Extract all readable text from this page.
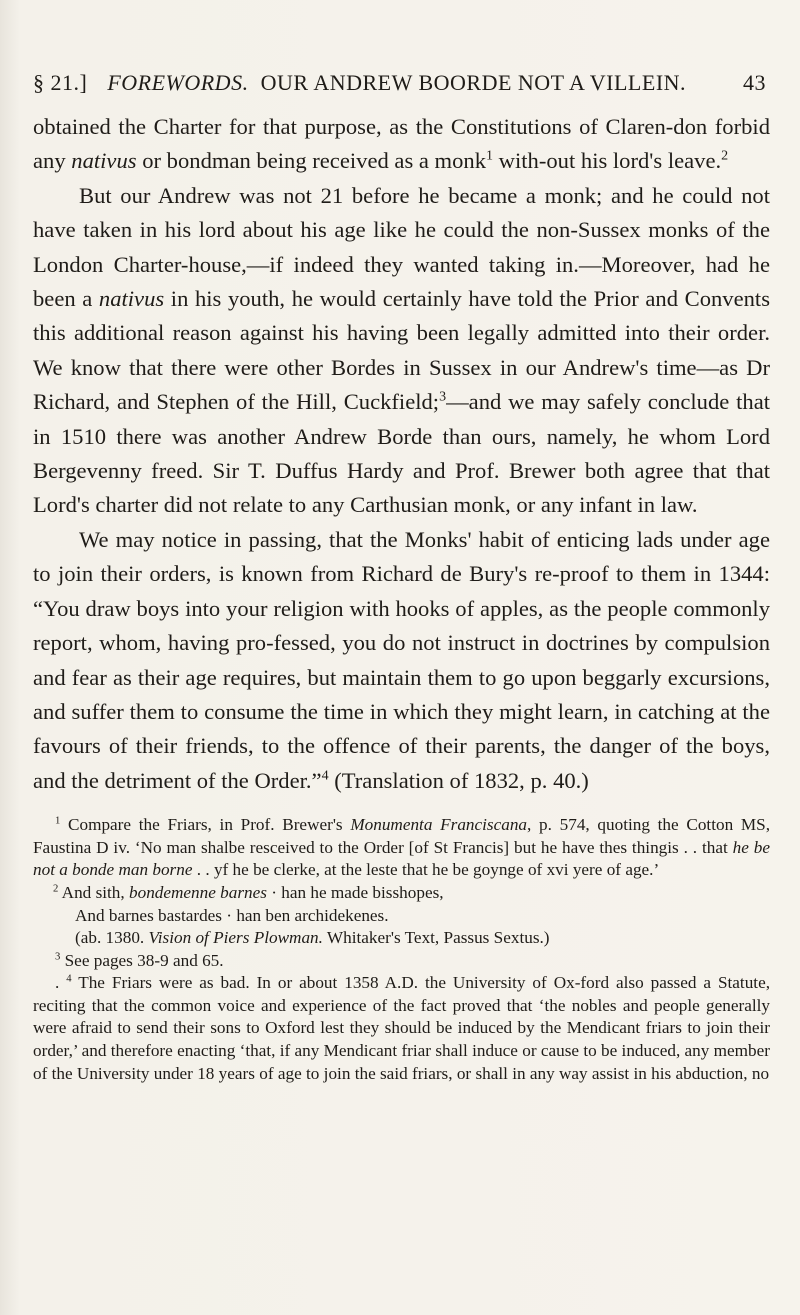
§ 21.] FOREWORDS. OUR ANDREW BOORDE NOT A VILLEIN.	43

obtained the Charter for that purpose, as the Constitutions of Claren-don forbid any nativus or bondman being received as a monk$^1$ with-out his lord's leave.$^2$

But our Andrew was not 21 before he became a monk; and he could not have taken in his lord about his age like he could the non-Sussex monks of the London Charter-house,—if indeed they wanted taking in.—Moreover, had he been a nativus in his youth, he would certainly have told the Prior and Convents this additional reason against his having been legally admitted into their order. We know that there were other Bordes in Sussex in our Andrew's time—as Dr Richard, and Stephen of the Hill, Cuckfield;$^3$—and we may safely conclude that in 1510 there was another Andrew Borde than ours, namely, he whom Lord Bergevenny freed. Sir T. Duffus Hardy and Prof. Brewer both agree that that Lord's charter did not relate to any Carthusian monk, or any infant in law.

We may notice in passing, that the Monks' habit of enticing lads under age to join their orders, is known from Richard de Bury's re-proof to them in 1344: “You draw boys into your religion with hooks of apples, as the people commonly report, whom, having pro-fessed, you do not instruct in doctrines by compulsion and fear as their age requires, but maintain them to go upon beggarly excursions, and suffer them to consume the time in which they might learn, in catching at the favours of their friends, to the offence of their parents, the danger of the boys, and the detriment of the Order.”$^4$ (Translation of 1832, p. 40.)

$^1$ Compare the Friars, in Prof. Brewer's Monumenta Franciscana, p. 574, quoting the Cotton MS, Faustina D iv. ‘No man shalbe resceived to the Order [of St Francis] but he have thes thingis . . that he be not a bonde man borne . . yf he be clerke, at the leste that he be goynge of xvi yere of age.’

$^2$ And sith, bondemenne barnes · han he made bisshopes,

And barnes bastardes · han ben archidekenes.

(ab. 1380. Vision of Piers Plowman. Whitaker's Text, Passus Sextus.)

$^3$ See pages 38-9 and 65.

. $^4$ The Friars were as bad. In or about 1358 A.D. the University of Ox-ford also passed a Statute, reciting that the common voice and experience of the fact proved that ‘the nobles and people generally were afraid to send their sons to Oxford lest they should be induced by the Mendicant friars to join their order,’ and therefore enacting ‘that, if any Mendicant friar shall induce or cause to be induced, any member of the University under 18 years of age to join the said friars, or shall in any way assist in his abduction, no
